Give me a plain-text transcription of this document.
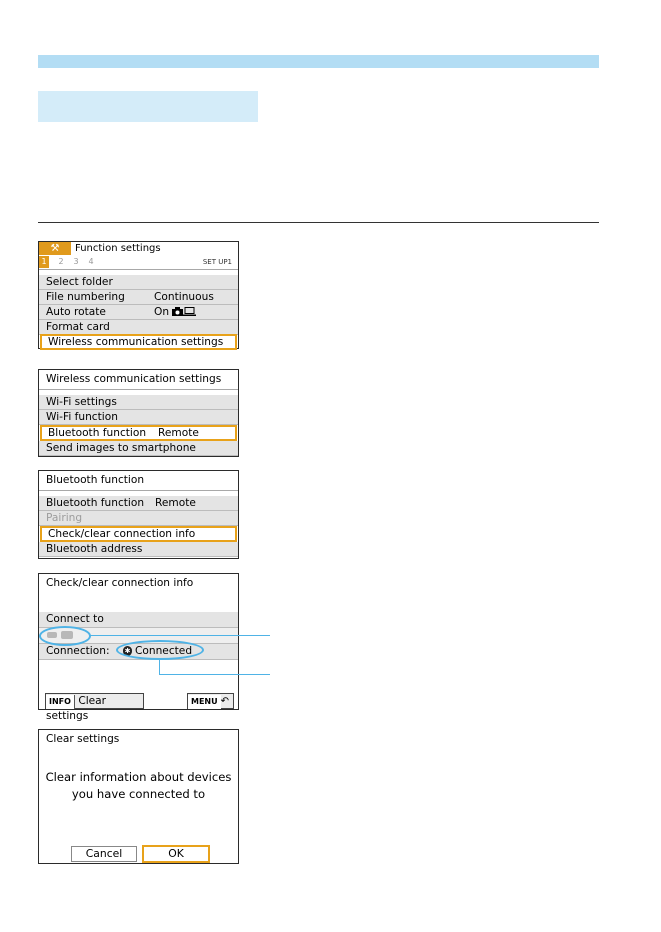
⚒	Function settings
1	2	3	4	SET UP1
Select folder
File numbering	Continuous
Auto rotate	On
Format card
Wireless communication settings
Wireless communication settings
Wi-Fi settings
Wi-Fi function
Bluetooth function Remote
Send images to smartphone
Bluetooth function
Bluetooth function Remote
Pairing
Check/clear connection info
Bluetooth address
Check/clear connection info
Connect to
Connection: ✱ Connected
INFO Clear settings
MENU ↶
Clear settings
Clear information about devices
you have connected to
Cancel	OK
